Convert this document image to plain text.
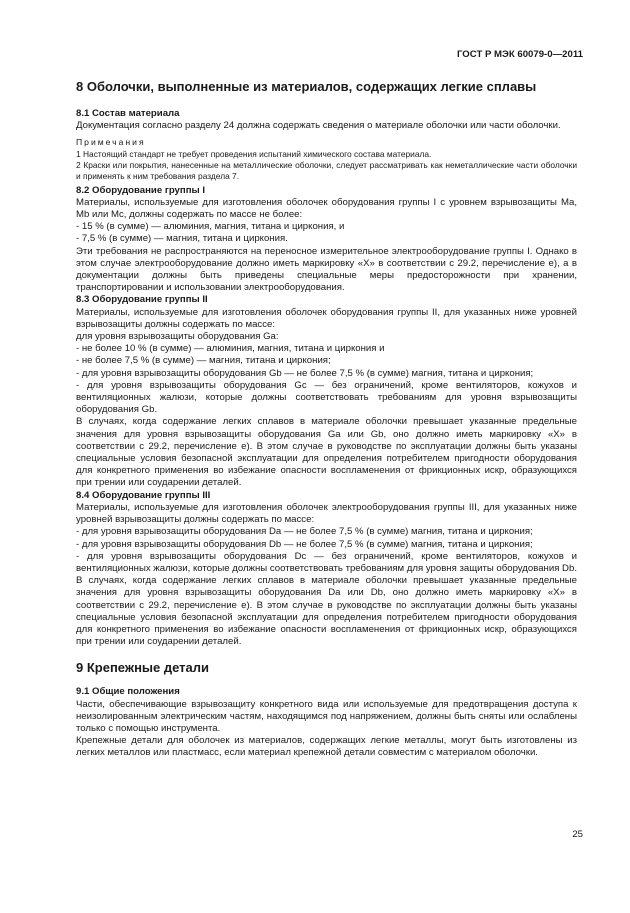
ГОСТ Р МЭК 60079-0—2011
8 Оболочки, выполненные из материалов, содержащих легкие сплавы
8.1 Состав материала

Документация согласно разделу 24 должна содержать сведения о материале оболочки или части оболочки.

Примечания
1 Настоящий стандарт не требует проведения испытаний химического состава материала.
2 Краски или покрытия, нанесенные на металлические оболочки, следует рассматривать как неметаллические части оболочки и применять к ним требования раздела 7.
8.2 Оборудование группы I

Материалы, используемые для изготовления оболочек оборудования группы I с уровнем взрывозащиты Ma, Mb или Mc, должны содержать по массе не более:

- 15 % (в сумме) — алюминия, магния, титана и циркония, и

- 7,5 % (в сумме) — магния, титана и циркония.

Эти требования не распространяются на переносное измерительное электрооборудование группы I. Однако в этом случае электрооборудование должно иметь маркировку «X» в соответствии с 29.2, перечисление е), а в документации должны быть приведены специальные меры предосторожности при хранении, транспортировании и использовании электрооборудования.

8.3 Оборудование группы II

Материалы, используемые для изготовления оболочек оборудования группы II, для указанных ниже уровней взрывозащиты должны содержать по массе:

для уровня взрывозащиты оборудования Ga:

- не более 10 % (в сумме) — алюминия, магния, титана и циркония и

- не более 7,5 % (в сумме) — магния, титана и циркония;

- для уровня взрывозащиты оборудования Gb — не более 7,5 % (в сумме) магния, титана и циркония;

- для уровня взрывозащиты оборудования Gc — без ограничений, кроме вентиляторов, кожухов и вентиляционных жалюзи, которые должны соответствовать требованиям для уровня взрывозащиты оборудования Gb.

В случаях, когда содержание легких сплавов в материале оболочки превышает указанные предельные значения для уровня взрывозащиты оборудования Ga или Gb, оно должно иметь маркировку «X» в соответствии с 29.2, перечисление е). В этом случае в руководстве по эксплуатации должны быть указаны специальные условия безопасной эксплуатации для определения потребителем пригодности оборудования для конкретного применения во избежание опасности воспламенения от фрикционных искр, образующихся при трении или соударении деталей.

8.4 Оборудование группы III

Материалы, используемые для изготовления оболочек электрооборудования группы III, для указанных ниже уровней взрывозащиты должны содержать по массе:

- для уровня взрывозащиты оборудования Da — не более 7,5 % (в сумме) магния, титана и циркония;

- для уровня взрывозащиты оборудования Db — не более 7,5 % (в сумме) магния, титана и циркония;

- для уровня взрывозащиты оборудования Dc — без ограничений, кроме вентиляторов, кожухов и вентиляционных жалюзи, которые должны соответствовать требованиям для уровня защиты оборудования Db.

В случаях, когда содержание легких сплавов в материале оболочки превышает указанные предельные значения для уровня взрывозащиты оборудования Da или Db, оно должно иметь маркировку «X» в соответствии с 29.2, перечисление е). В этом случае в руководстве по эксплуатации должны быть указаны специальные условия безопасной эксплуатации для определения потребителем пригодности оборудования для конкретного применения во избежание опасности воспламенения от фрикционных искр, образующихся при трении или соударении деталей.

9 Крепежные детали
9.1 Общие положения

Части, обеспечивающие взрывозащиту конкретного вида или используемые для предотвращения доступа к неизолированным электрическим частям, находящимся под напряжением, должны быть сняты или ослаблены только с помощью инструмента.

Крепежные детали для оболочек из материалов, содержащих легкие металлы, могут быть изготовлены из легких металлов или пластмасс, если материал крепежной детали совместим с материалом оболочки.

25
